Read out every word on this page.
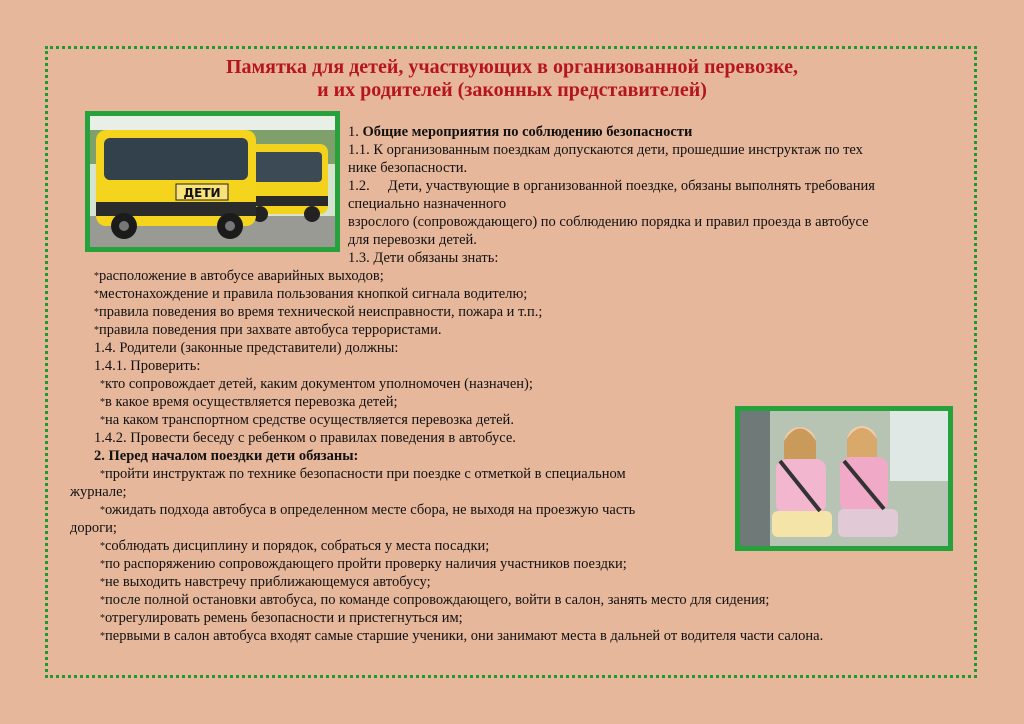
Памятка для детей, участвующих в организованной перевозке,
и их родителей (законных представителей)
ДЕТИ
1. Общие мероприятия по соблюдению безопасности
1.1. К организованным поездкам допускаются дети, прошедшие инструктаж по тех
нике безопасности.
1.2.     Дети, участвующие в организованной поездке, обязаны выполнять требования
специально назначенного
взрослого (сопровождающего) по соблюдению порядка и правил проезда в автобусе
для перевозки детей.
1.3. Дети обязаны знать:
*расположение в автобусе аварийных выходов;
*местонахождение и правила пользования кнопкой сигнала водителю;
*правила поведения во время технической неисправности, пожара и т.п.;
*правила поведения при захвате автобуса террористами.
1.4. Родители (законные представители) должны:
1.4.1. Проверить:
*кто сопровождает детей, каким документом уполномочен (назначен);
*в какое время осуществляется перевозка детей;
*на каком транспортном средстве осуществляется перевозка детей.
1.4.2. Провести беседу с ребенком о правилах поведения в автобусе.
2. Перед началом поездки дети обязаны:
*пройти инструктаж по технике безопасности при поездке с отметкой в специальном
журнале;
*ожидать подхода автобуса в определенном месте сбора, не выходя на проезжую часть
дороги;
*соблюдать дисциплину и порядок, собраться у места посадки;
*по распоряжению сопровождающего пройти проверку наличия участников поездки;
*не выходить навстречу приближающемуся автобусу;
*после полной остановки автобуса, по команде сопровождающего, войти в салон, занять место для сидения;
*отрегулировать ремень безопасности и пристегнуться им;
*первыми в салон автобуса входят самые старшие ученики, они занимают места в дальней от водителя части салона.
